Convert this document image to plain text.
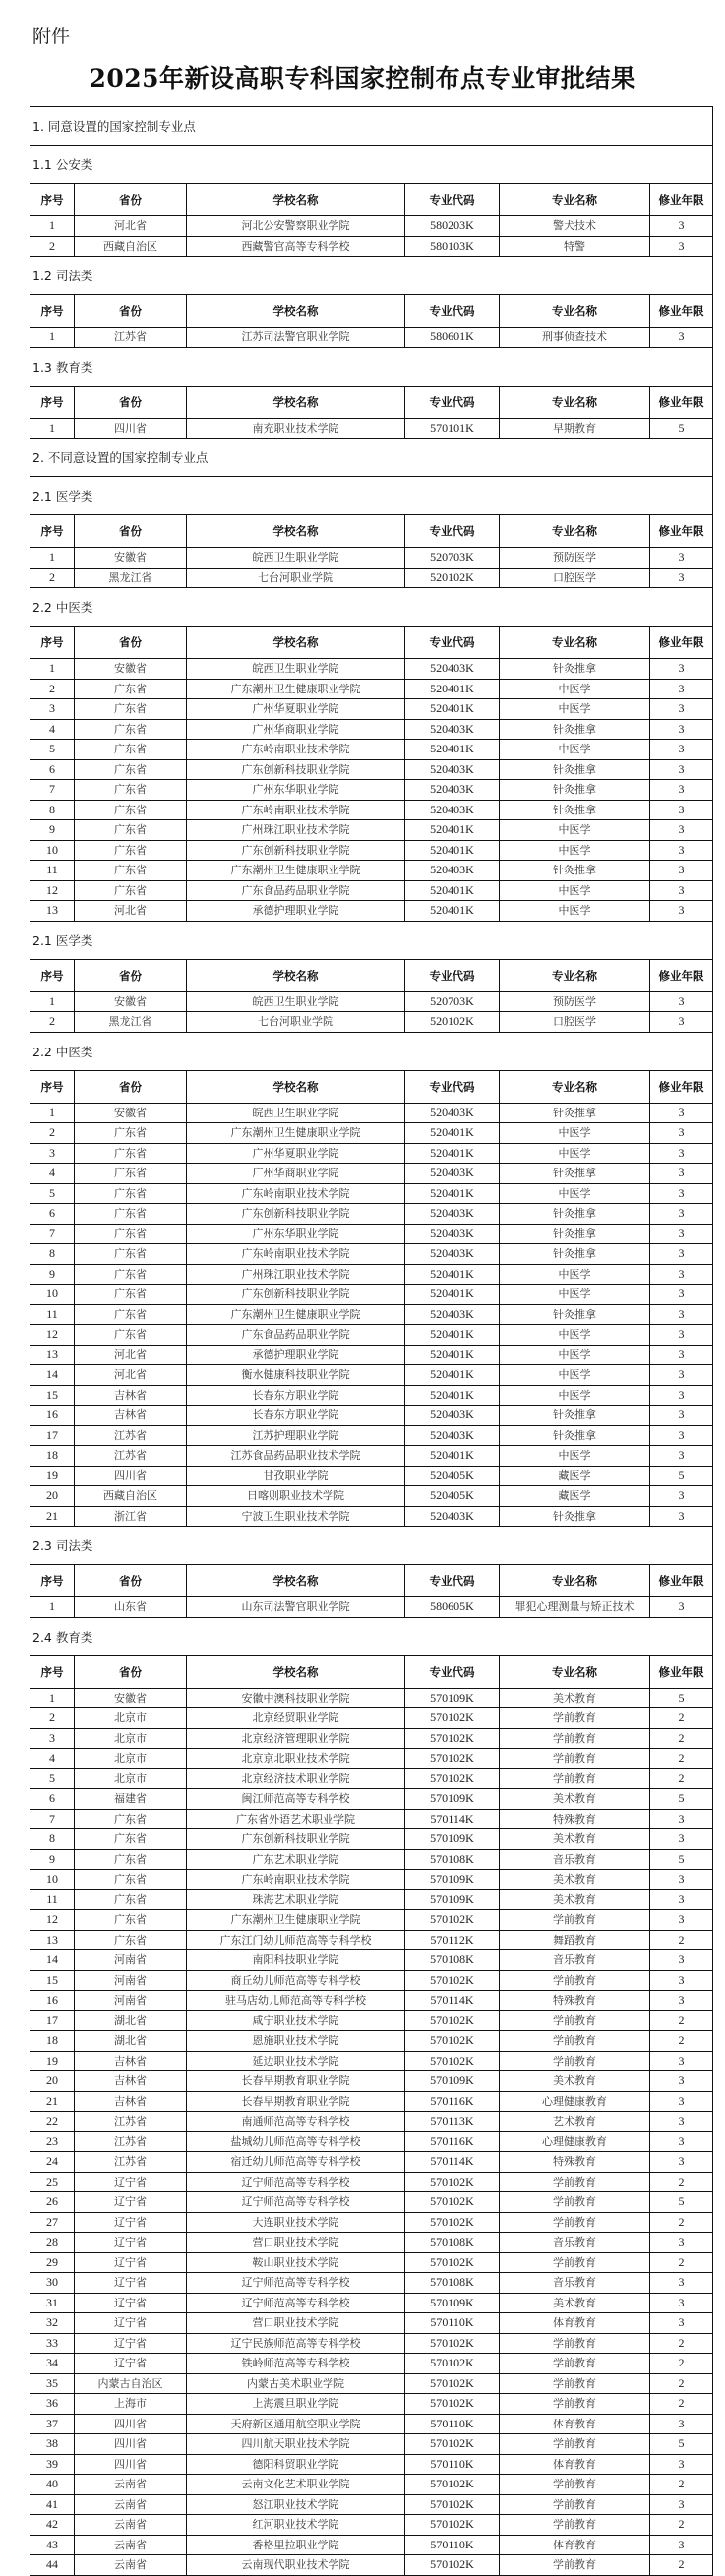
附件
2025年新设高职专科国家控制布点专业审批结果
1. 同意设置的国家控制专业点					
1.1 公安类					
序号	省份	学校名称	专业代码	专业名称	修业年限
1	河北省	河北公安警察职业学院	580203K	警犬技术	3
2	西藏自治区	西藏警官高等专科学校	580103K	特警	3
1.2 司法类					
序号	省份	学校名称	专业代码	专业名称	修业年限
1	江苏省	江苏司法警官职业学院	580601K	刑事侦查技术	3
1.3 教育类					
序号	省份	学校名称	专业代码	专业名称	修业年限
1	四川省	南充职业技术学院	570101K	早期教育	5
2. 不同意设置的国家控制专业点					
2.1 医学类					
序号	省份	学校名称	专业代码	专业名称	修业年限
1	安徽省	皖西卫生职业学院	520703K	预防医学	3
2	黑龙江省	七台河职业学院	520102K	口腔医学	3
2.2 中医类					
序号	省份	学校名称	专业代码	专业名称	修业年限
1	安徽省	皖西卫生职业学院	520403K	针灸推拿	3
2	广东省	广东潮州卫生健康职业学院	520401K	中医学	3
3	广东省	广州华夏职业学院	520401K	中医学	3
4	广东省	广州华商职业学院	520403K	针灸推拿	3
5	广东省	广东岭南职业技术学院	520401K	中医学	3
6	广东省	广东创新科技职业学院	520403K	针灸推拿	3
7	广东省	广州东华职业学院	520403K	针灸推拿	3
8	广东省	广东岭南职业技术学院	520403K	针灸推拿	3
9	广东省	广州珠江职业技术学院	520401K	中医学	3
10	广东省	广东创新科技职业学院	520401K	中医学	3
11	广东省	广东潮州卫生健康职业学院	520403K	针灸推拿	3
12	广东省	广东食品药品职业学院	520401K	中医学	3
13	河北省	承德护理职业学院	520401K	中医学	3
2.1 医学类					
序号	省份	学校名称	专业代码	专业名称	修业年限
1	安徽省	皖西卫生职业学院	520703K	预防医学	3
2	黑龙江省	七台河职业学院	520102K	口腔医学	3
2.2 中医类					
序号	省份	学校名称	专业代码	专业名称	修业年限
1	安徽省	皖西卫生职业学院	520403K	针灸推拿	3
2	广东省	广东潮州卫生健康职业学院	520401K	中医学	3
3	广东省	广州华夏职业学院	520401K	中医学	3
4	广东省	广州华商职业学院	520403K	针灸推拿	3
5	广东省	广东岭南职业技术学院	520401K	中医学	3
6	广东省	广东创新科技职业学院	520403K	针灸推拿	3
7	广东省	广州东华职业学院	520403K	针灸推拿	3
8	广东省	广东岭南职业技术学院	520403K	针灸推拿	3
9	广东省	广州珠江职业技术学院	520401K	中医学	3
10	广东省	广东创新科技职业学院	520401K	中医学	3
11	广东省	广东潮州卫生健康职业学院	520403K	针灸推拿	3
12	广东省	广东食品药品职业学院	520401K	中医学	3
13	河北省	承德护理职业学院	520401K	中医学	3
14	河北省	衡水健康科技职业学院	520401K	中医学	3
15	吉林省	长春东方职业学院	520401K	中医学	3
16	吉林省	长春东方职业学院	520403K	针灸推拿	3
17	江苏省	江苏护理职业学院	520403K	针灸推拿	3
18	江苏省	江苏食品药品职业技术学院	520401K	中医学	3
19	四川省	甘孜职业学院	520405K	藏医学	5
20	西藏自治区	日喀则职业技术学院	520405K	藏医学	3
21	浙江省	宁波卫生职业技术学院	520403K	针灸推拿	3
2.3 司法类					
序号	省份	学校名称	专业代码	专业名称	修业年限
1	山东省	山东司法警官职业学院	580605K	罪犯心理测量与矫正技术	3
2.4 教育类					
序号	省份	学校名称	专业代码	专业名称	修业年限
1	安徽省	安徽中澳科技职业学院	570109K	美术教育	5
2	北京市	北京经贸职业学院	570102K	学前教育	2
3	北京市	北京经济管理职业学院	570102K	学前教育	2
4	北京市	北京京北职业技术学院	570102K	学前教育	2
5	北京市	北京经济技术职业学院	570102K	学前教育	2
6	福建省	闽江师范高等专科学校	570109K	美术教育	5
7	广东省	广东省外语艺术职业学院	570114K	特殊教育	3
8	广东省	广东创新科技职业学院	570109K	美术教育	3
9	广东省	广东艺术职业学院	570108K	音乐教育	5
10	广东省	广东岭南职业技术学院	570109K	美术教育	3
11	广东省	珠海艺术职业学院	570109K	美术教育	3
12	广东省	广东潮州卫生健康职业学院	570102K	学前教育	3
13	广东省	广东江门幼儿师范高等专科学校	570112K	舞蹈教育	2
14	河南省	南阳科技职业学院	570108K	音乐教育	3
15	河南省	商丘幼儿师范高等专科学校	570102K	学前教育	3
16	河南省	驻马店幼儿师范高等专科学校	570114K	特殊教育	3
17	湖北省	咸宁职业技术学院	570102K	学前教育	2
18	湖北省	恩施职业技术学院	570102K	学前教育	2
19	吉林省	延边职业技术学院	570102K	学前教育	3
20	吉林省	长春早期教育职业学院	570109K	美术教育	3
21	吉林省	长春早期教育职业学院	570116K	心理健康教育	3
22	江苏省	南通师范高等专科学校	570113K	艺术教育	3
23	江苏省	盐城幼儿师范高等专科学校	570116K	心理健康教育	3
24	江苏省	宿迁幼儿师范高等专科学校	570114K	特殊教育	3
25	辽宁省	辽宁师范高等专科学校	570102K	学前教育	2
26	辽宁省	辽宁师范高等专科学校	570102K	学前教育	5
27	辽宁省	大连职业技术学院	570102K	学前教育	2
28	辽宁省	营口职业技术学院	570108K	音乐教育	3
29	辽宁省	鞍山职业技术学院	570102K	学前教育	2
30	辽宁省	辽宁师范高等专科学校	570108K	音乐教育	3
31	辽宁省	辽宁师范高等专科学校	570109K	美术教育	3
32	辽宁省	营口职业技术学院	570110K	体育教育	3
33	辽宁省	辽宁民族师范高等专科学校	570102K	学前教育	2
34	辽宁省	铁岭师范高等专科学校	570102K	学前教育	2
35	内蒙古自治区	内蒙古美术职业学院	570102K	学前教育	2
36	上海市	上海震旦职业学院	570102K	学前教育	2
37	四川省	天府新区通用航空职业学院	570110K	体育教育	3
38	四川省	四川航天职业技术学院	570102K	学前教育	5
39	四川省	德阳科贸职业学院	570110K	体育教育	3
40	云南省	云南文化艺术职业学院	570102K	学前教育	2
41	云南省	怒江职业技术学院	570102K	学前教育	3
42	云南省	红河职业技术学院	570102K	学前教育	2
43	云南省	香格里拉职业学院	570110K	体育教育	3
44	云南省	云南现代职业技术学院	570102K	学前教育	2
